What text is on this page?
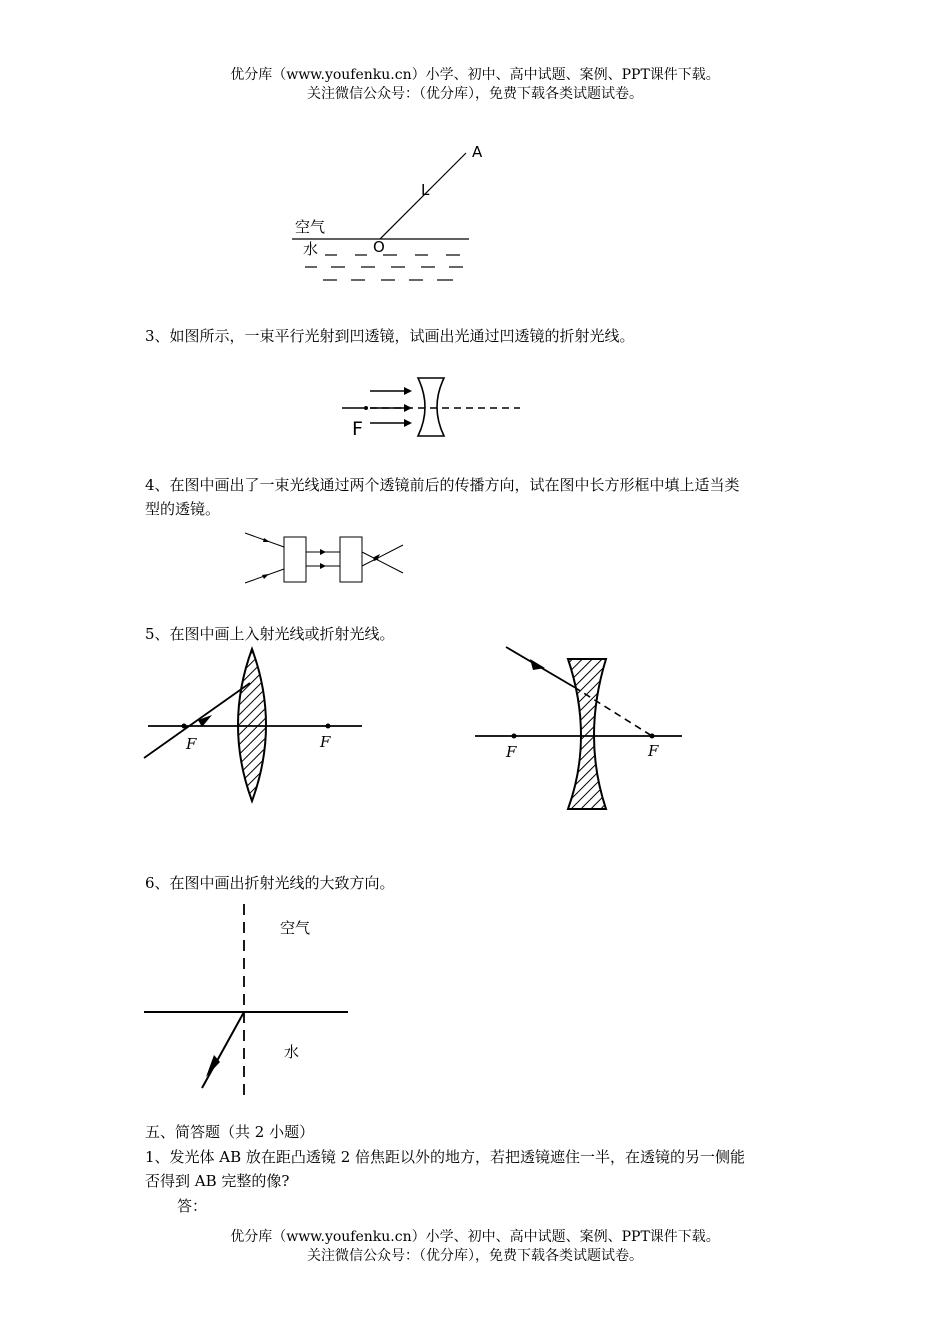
优分库（www.youfenku.cn）小学、初中、高中试题、案例、PPT课件下载。
关注微信公众号：（优分库），免费下载各类试题试卷。
A
L
O
空气
水
3、如图所示，一束平行光射到凹透镜，试画出光通过凹透镜的折射光线。
F
4、在图中画出了一束光线通过两个透镜前后的传播方向，试在图中长方形框中填上适当类
型的透镜。
5、在图中画上入射光线或折射光线。
F	F
F	F
6、在图中画出折射光线的大致方向。
空气
水
五、简答题（共 2 小题）
1、发光体 AB 放在距凸透镜 2 倍焦距以外的地方，若把透镜遮住一半，在透镜的另一侧能
否得到 AB 完整的像?
答：
优分库（www.youfenku.cn）小学、初中、高中试题、案例、PPT课件下载。
关注微信公众号：（优分库），免费下载各类试题试卷。
